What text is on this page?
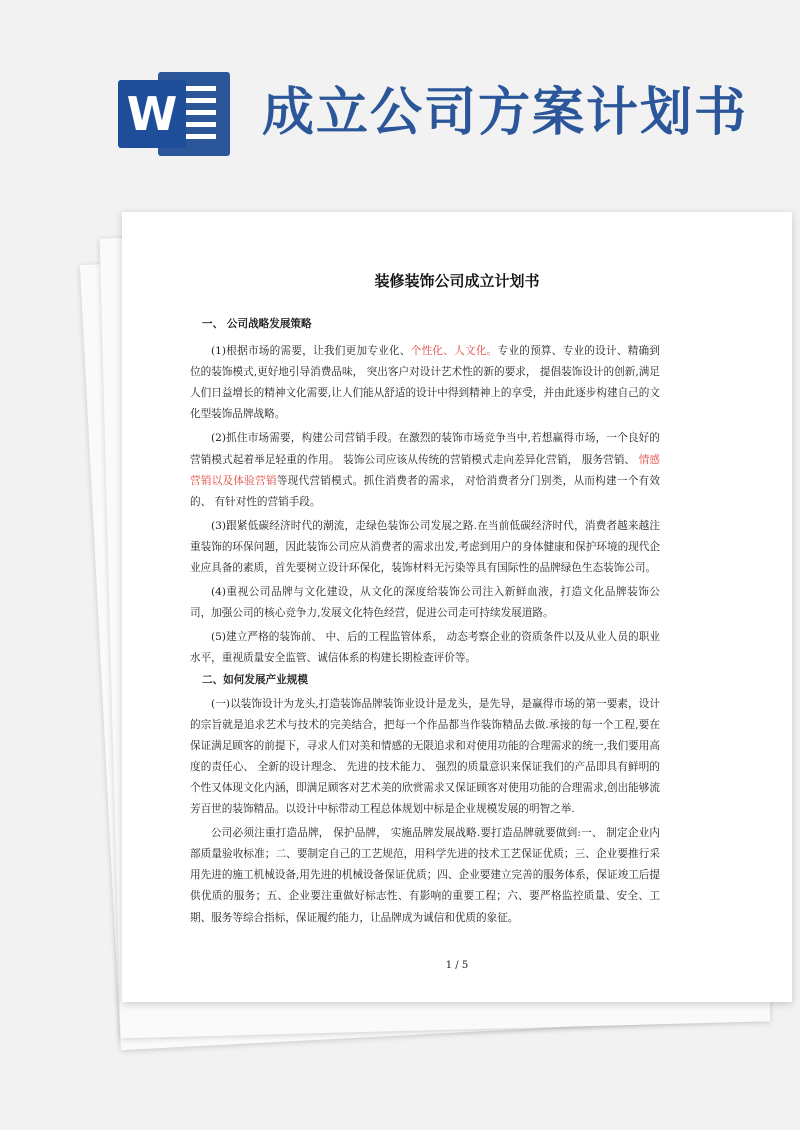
W 成立公司方案计划书
装修装饰公司成立计划书

一、 公司战略发展策略

(1)根据市场的需要，让我们更加专业化、个性化、人文化。专业的预算、专业的设计、精确到位的装饰模式,更好地引导消费品味， 突出客户对设计艺术性的新的要求， 提倡装饰设计的创新,满足人们日益增长的精神文化需要,让人们能从舒适的设计中得到精神上的享受，并由此逐步构建自己的文化型装饰品牌战略。

(2)抓住市场需要，构建公司营销手段。在激烈的装饰市场竞争当中,若想赢得市场，一个良好的营销模式起着举足轻重的作用。 装饰公司应该从传统的营销模式走向差异化营销， 服务营销、 情感营销以及体验营销等现代营销模式。抓住消费者的需求， 对恰消费者分门别类，从而构建一个有效的、 有针对性的营销手段。

(3)跟紧低碳经济时代的潮流，走绿色装饰公司发展之路.在当前低碳经济时代，消费者越来越注重装饰的环保问题，因此装饰公司应从消费者的需求出发,考虑到用户的身体健康和保护环境的现代企业应具备的素质，首先要树立设计环保化，装饰材料无污染等具有国际性的品牌绿色生态装饰公司。

(4)重视公司品牌与文化建设，从文化的深度给装饰公司注入新鲜血液，打造文化品牌装饰公司，加强公司的核心竞争力,发展文化特色经营，促进公司走可持续发展道路。

(5)建立严格的装饰前、 中、后的工程监管体系， 动态考察企业的资质条件以及从业人员的职业水平，重视质量安全监管、诚信体系的构建长期检查评价等。

二、如何发展产业规模

(一)以装饰设计为龙头,打造装饰品牌装饰业设计是龙头，是先导，是赢得市场的第一要素，设计的宗旨就是追求艺术与技术的完美结合，把每一个作品都当作装饰精品去做.承接的每一个工程,要在保证满足顾客的前提下，寻求人们对美和情感的无限追求和对使用功能的合理需求的统一,我们要用高度的责任心、 全新的设计理念、 先进的技术能力、 强烈的质量意识来保证我们的产品即具有鲜明的个性又体现文化内涵，即满足顾客对艺术美的欣赏需求又保证顾客对使用功能的合理需求,创出能够流芳百世的装饰精品。以设计中标带动工程总体规划中标是企业规模发展的明智之举.

公司必须注重打造品牌， 保护品牌， 实施品牌发展战略.要打造品牌就要做到:一、 制定企业内部质量验收标准；二、要制定自己的工艺规范，用科学先进的技术工艺保证优质；三、企业要推行采用先进的施工机械设备,用先进的机械设备保证优质；四、企业要建立完善的服务体系，保证竣工后提供优质的服务；五、企业要注重做好标志性、有影响的重要工程；六、要严格监控质量、安全、工期、服务等综合指标，保证履约能力，让品牌成为诚信和优质的象征。

1 / 5
